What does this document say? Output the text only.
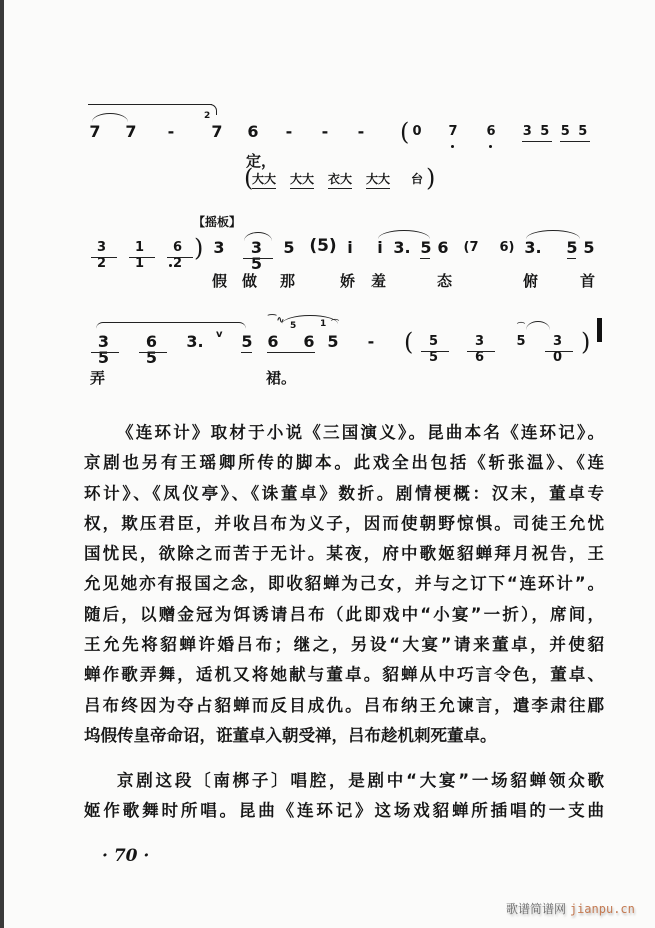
7 7 -
2
7 6 - - - ( 0 7 6 3 5 5 5
定，
(
大大 大大 衣大 大大 台 )
【摇板】
3 2
1 1
6 2
) 3	3 5
5 (5) i i 3. 5 6	(7	6) 3. 5 5
假 做 那	娇 羞	态	俯	首
3 5
6 5
3. v 5
⁀∿
6
5
6
1 ⌒
5 - (	5 5
3 6
⌒
5	3 0
)
弄	裙。
《连环计》取材于小说《三国演义》。昆曲本名《连环记》。
京剧也另有王瑶卿所传的脚本。此戏全出包括《斩张温》、《连
环计》、《凤仪亭》、《诛董卓》数折。剧情梗概：汉末，董卓专
权，欺压君臣，并收吕布为义子，因而使朝野惊惧。司徒王允忧
国忧民，欲除之而苦于无计。某夜，府中歌姬貂蝉拜月祝告，王
允见她亦有报国之念，即收貂蝉为己女，并与之订下“连环计”。
随后，以赠金冠为饵诱请吕布（此即戏中“小宴”一折），席间，
王允先将貂蝉许婚吕布；继之，另设“大宴”请来董卓，并使貂
蝉作歌弄舞，适机又将她献与董卓。貂蝉从中巧言令色，董卓、
吕布终因为夺占貂蝉而反目成仇。吕布纳王允谏言，遣李肃往郿
坞假传皇帝命诏，诳董卓入朝受禅，吕布趁机刺死董卓。
京剧这段〔南梆子〕唱腔，是剧中“大宴”一场貂蝉领众歌
姬作歌舞时所唱。昆曲《连环记》这场戏貂蝉所插唱的一支曲
· 70 ·
歌谱简谱网 jianpu.cn
